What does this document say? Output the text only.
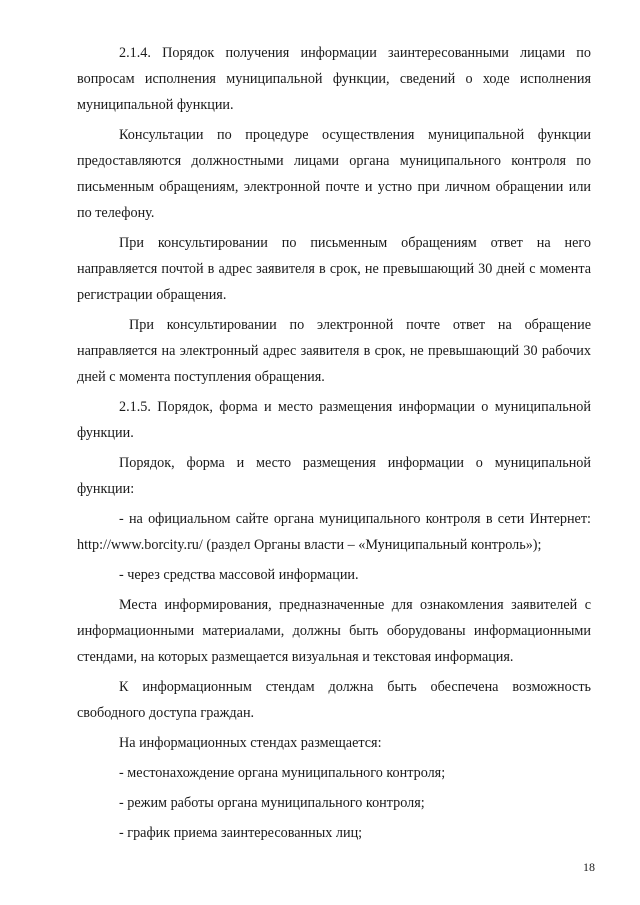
2.1.4. Порядок получения информации заинтересованными лицами по вопросам исполнения муниципальной функции, сведений о ходе исполнения муниципальной функции.

Консультации по процедуре осуществления муниципальной функции предоставляются должностными лицами органа муниципального контроля по письменным обращениям, электронной почте и устно при личном обращении или по телефону.

При консультировании по письменным обращениям ответ на него направляется почтой в адрес заявителя в срок, не превышающий 30 дней с момента регистрации обращения.

При консультировании по электронной почте ответ на обращение направляется на электронный адрес заявителя в срок, не превышающий 30 рабочих дней с момента поступления обращения.

2.1.5. Порядок, форма и место размещения информации о муниципальной функции.

Порядок, форма и место размещения информации о муниципальной функции:

- на официальном сайте органа муниципального контроля в сети Интернет: http://www.borcity.ru/ (раздел Органы власти – «Муниципальный контроль»);

- через средства массовой информации.

Места информирования, предназначенные для ознакомления заявителей с информационными материалами, должны быть оборудованы информационными стендами, на которых размещается визуальная и текстовая информация.

К информационным стендам должна быть обеспечена возможность свободного доступа граждан.

На информационных стендах размещается:

- местонахождение органа муниципального контроля;

- режим работы органа муниципального контроля;

- график приема заинтересованных лиц;

18
